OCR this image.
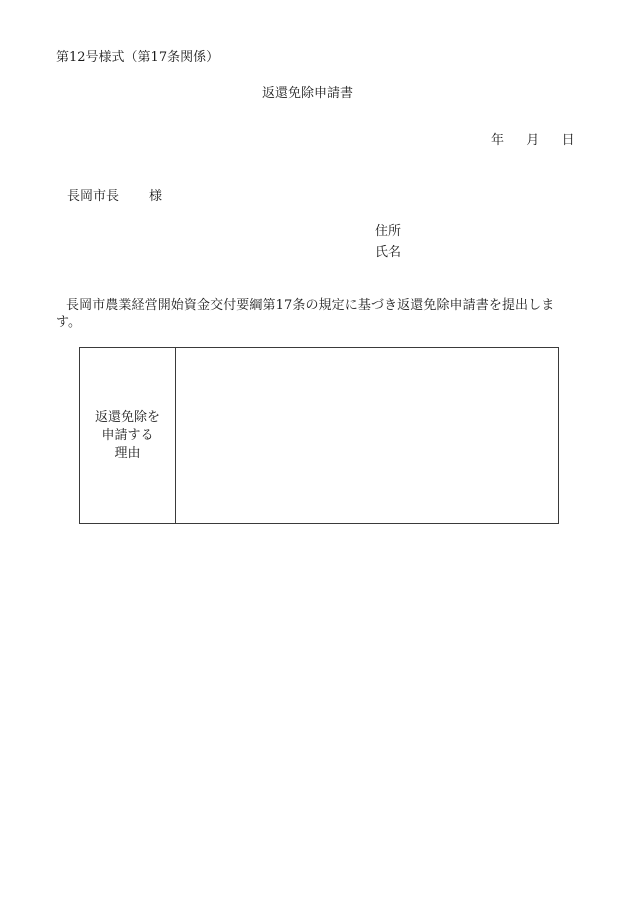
第12号様式（第17条関係）
返還免除申請書
年 月 日
長岡市長 様
住所
氏名
長岡市農業経営開始資金交付要綱第17条の規定に基づき返還免除申請書を提出します。
返還免除を
申請する
理由
